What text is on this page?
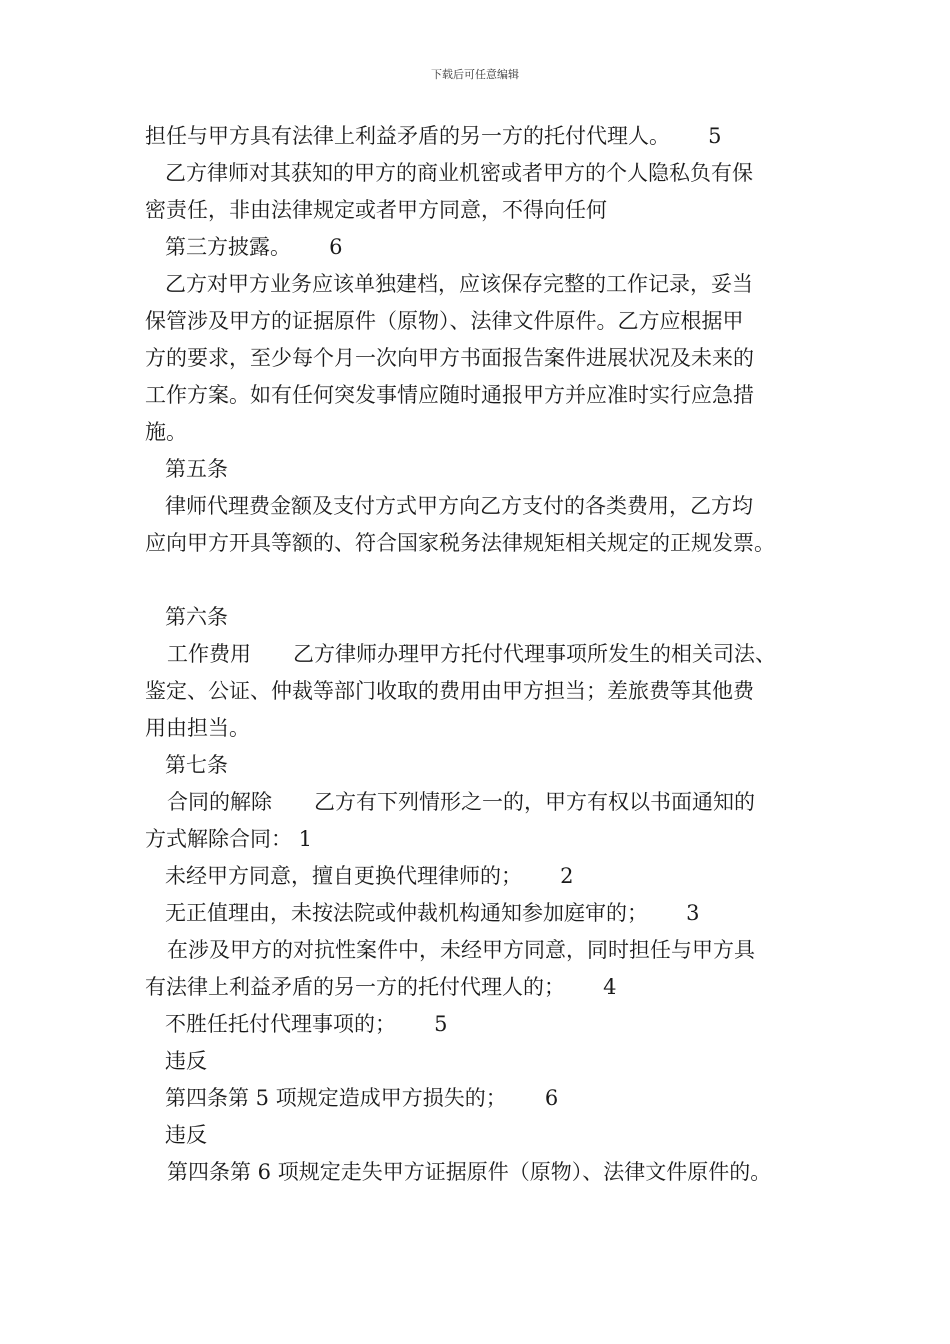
下载后可任意编辑
担任与甲方具有法律上利益矛盾的另一方的托付代理人。　　 5
乙方律师对其获知的甲方的商业机密或者甲方的个人隐私负有保
密责任，非由法律规定或者甲方同意，不得向任何
第三方披露。　　 6
乙方对甲方业务应该单独建档，应该保存完整的工作记录，妥当
保管涉及甲方的证据原件（原物）、法律文件原件。乙方应根据甲
方的要求，至少每个月一次向甲方书面报告案件进展状况及未来的
工作方案。如有任何突发事情应随时通报甲方并应准时实行应急措
施。
第五条
律师代理费金额及支付方式甲方向乙方支付的各类费用，乙方均
应向甲方开具等额的、符合国家税务法律规矩相关规定的正规发票。
第六条
工作费用　　乙方律师办理甲方托付代理事项所发生的相关司法、
鉴定、公证、仲裁等部门收取的费用由甲方担当；差旅费等其他费
用由担当。
第七条
合同的解除　　乙方有下列情形之一的，甲方有权以书面通知的
方式解除合同： 1
未经甲方同意，擅自更换代理律师的；　　 2
无正值理由，未按法院或仲裁机构通知参加庭审的；　　 3
在涉及甲方的对抗性案件中，未经甲方同意，同时担任与甲方具
有法律上利益矛盾的另一方的托付代理人的；　　 4
不胜任托付代理事项的；　　 5
违反
第四条第 5 项规定造成甲方损失的；　　 6
违反
第四条第 6 项规定走失甲方证据原件（原物）、法律文件原件的。
